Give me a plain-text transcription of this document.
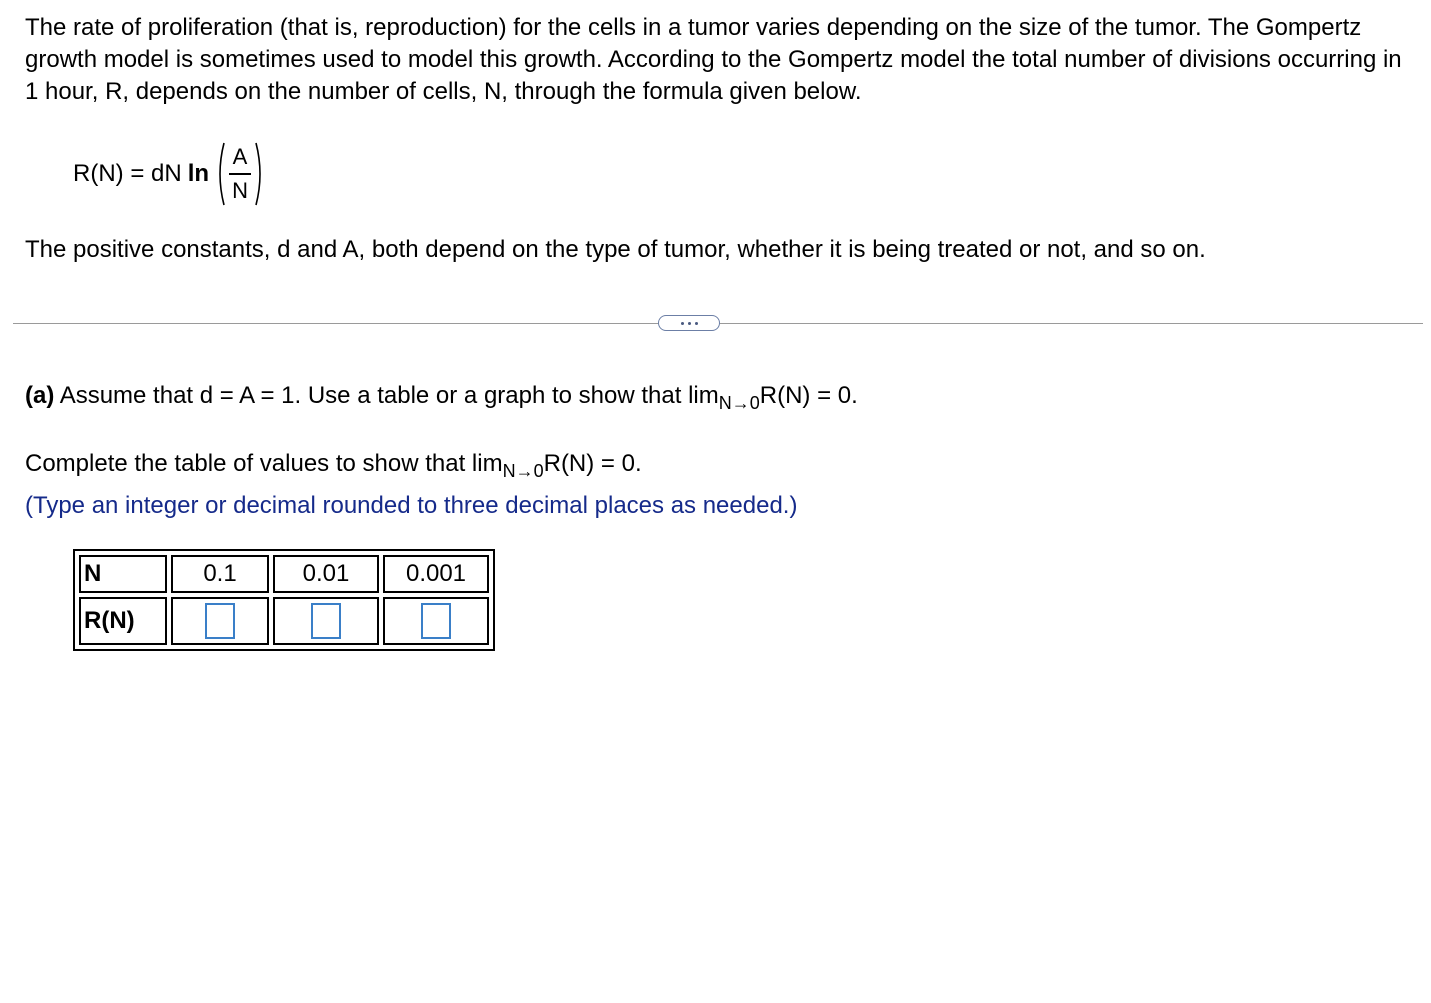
The rate of proliferation (that is, reproduction) for the cells in a tumor varies depending on the size of the tumor. The Gompertz growth model is sometimes used to model this growth. According to the Gompertz model the total number of divisions occurring in 1 hour, R, depends on the number of cells, N, through the formula given below.

R(N) = dN $\ln \frac{A}{N}$

The positive constants, d and A, both depend on the type of tumor, whether it is being treated or not, and so on.

(a) Assume that d = A = 1. Use a table or a graph to show that $\lim_{N\to 0}R(N) = 0$.

Complete the table of values to show that $\lim_{N\to 0}R(N) = 0$.

(Type an integer or decimal rounded to three decimal places as needed.)

N	0.1	0.01	0.001
R(N)	
